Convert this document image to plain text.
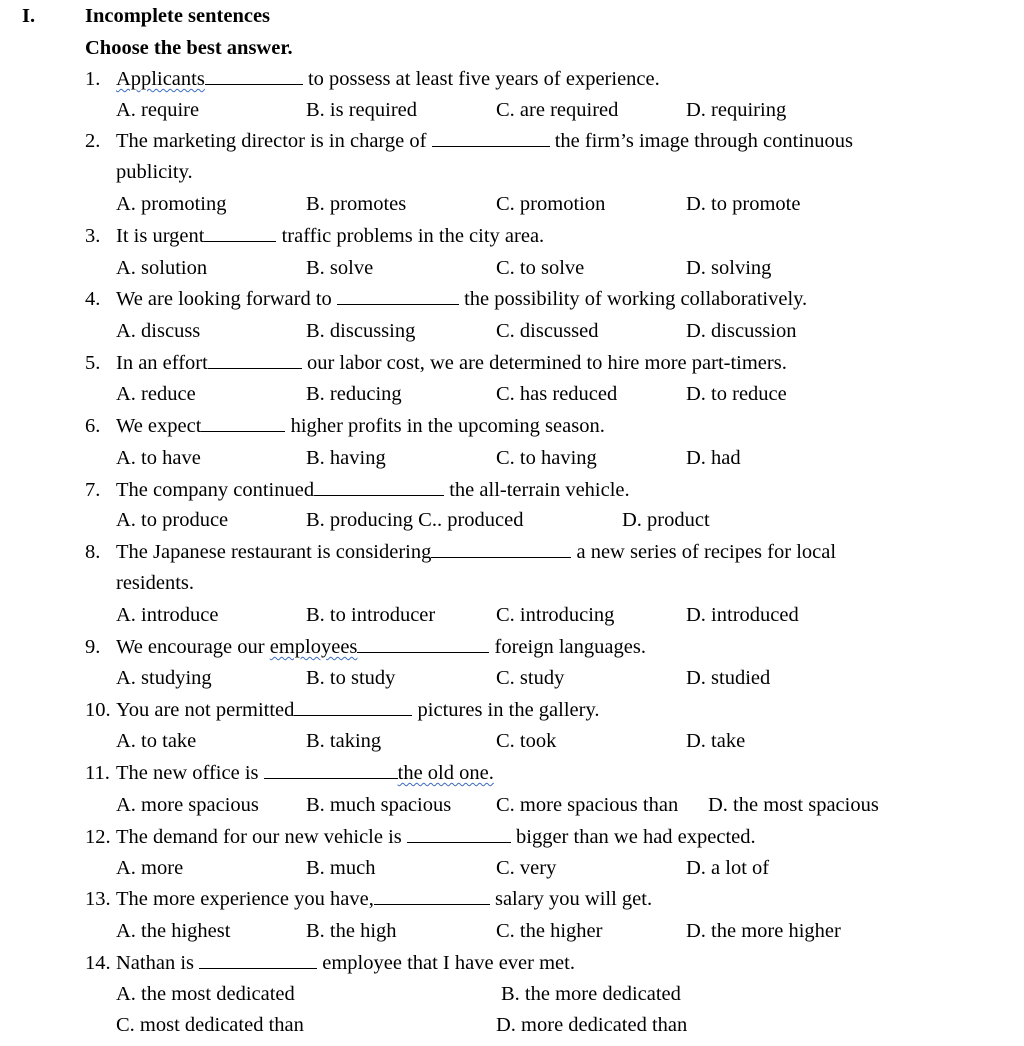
I. Incomplete sentences
Choose the best answer.
1. Applicants	to possess at least five years of experience.
A. require	B. is required	C. are required	D. requiring
2. The marketing director is in charge of	the firm’s image through continuous
publicity.
A. promoting	B. promotes	C. promotion	D. to promote
3. It is urgent	traffic problems in the city area.
A. solution	B. solve	C. to solve	D. solving
4. We are looking forward to	the possibility of working collaboratively.
A. discuss	B. discussing	C. discussed	D. discussion
5. In an effort	our labor cost, we are determined to hire more part-timers.
A. reduce	B. reducing	C. has reduced	D. to reduce
6. We expect	higher profits in the upcoming season.
A. to have	B. having	C. to having	D. had
7. The company continued	the all-terrain vehicle.
A. to produce	B. producing C.. produced	D. product
8. The Japanese restaurant is considering	a new series of recipes for local
residents.
A. introduce	B. to introducer	C. introducing	D. introduced
9. We encourage our employees	foreign languages.
A. studying	B. to study	C. study	D. studied
10. You are not permitted	pictures in the gallery.
A. to take	B. taking	C. took	D. take
11. The new office is	the old one.
A. more spacious B. much spacious C. more spacious than D. the most spacious
12. The demand for our new vehicle is	bigger than we had expected.
A. more	B. much	C. very	D. a lot of
13. The more experience you have,	salary you will get.
A. the highest	B. the high	C. the higher	D. the more higher
14. Nathan is	employee that I have ever met.
A. the most dedicated	B. the more dedicated
C. most dedicated than	D. more dedicated than
